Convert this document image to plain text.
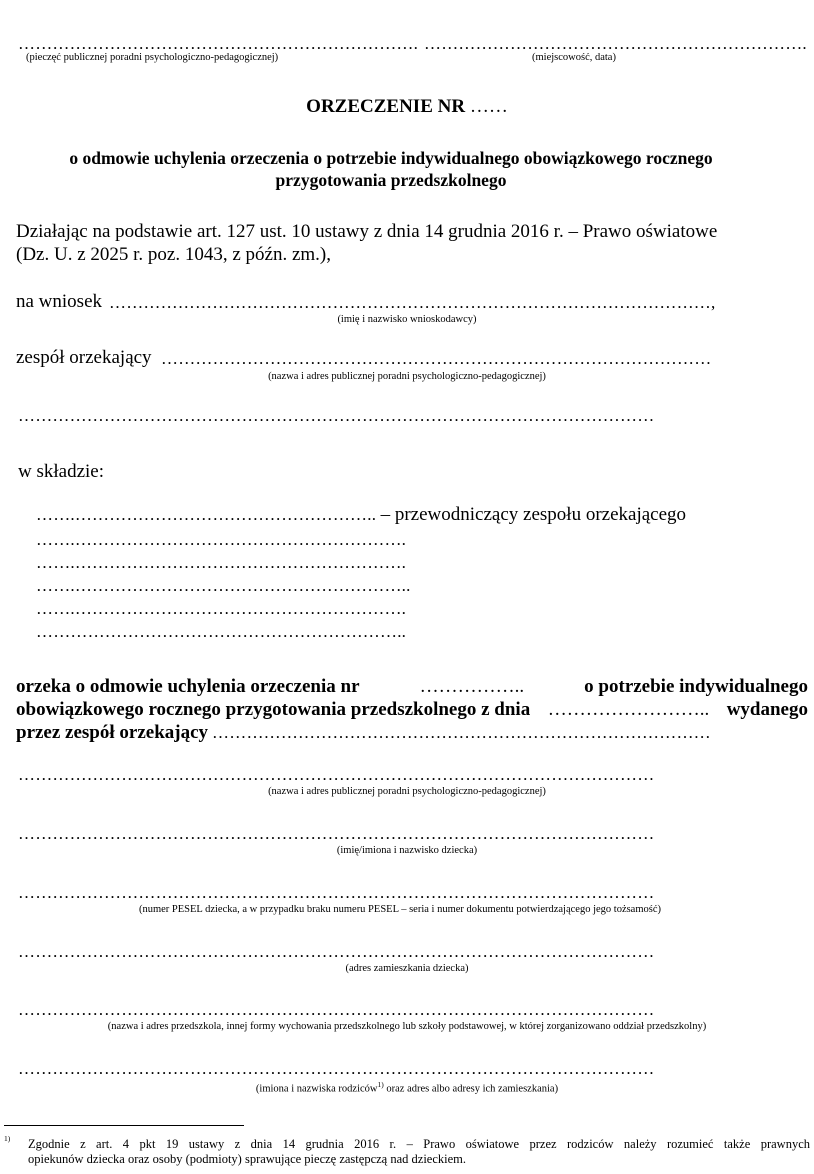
…………………………………………………………….
(pieczęć publicznej poradni psychologiczno-pedagogicznej)
………………………………………………………….
(miejscowość, data)
ORZECZENIE NR ……
o odmowie uchylenia orzeczenia o potrzebie indywidualnego obowiązkowego rocznego
przygotowania przedszkolnego
Działając na podstawie art. 127 ust. 10 ustawy z dnia 14 grudnia 2016 r. – Prawo oświatowe
(Dz. U. z 2025 r. poz. 1043, z późn. zm.),
na wniosek ……………………………………………………………………………………………,
(imię i nazwisko wnioskodawcy)
zespół orzekający ……………………………………………………………………………………
(nazwa i adres publicznej poradni psychologiczno-pedagogicznej)
…………………………………………………………………………………………………
w składzie:
…….…………………………………………….. – przewodniczący zespołu orzekającego
…….………………………………………………….
…….………………………………………………….
…….…………………………………………………..
…….………………………………………………….
………………………………………………………..
orzeka o odmowie uchylenia orzeczenia nr	……………..	o potrzebie indywidualnego
obowiązkowego rocznego przygotowania przedszkolnego z dnia …………………….. wydanego
przez zespół orzekający ……………………………………………………………………………
…………………………………………………………………………………………………
(nazwa i adres publicznej poradni psychologiczno-pedagogicznej)
…………………………………………………………………………………………………
(imię/imiona i nazwisko dziecka)
…………………………………………………………………………………………………
(numer PESEL dziecka, a w przypadku braku numeru PESEL – seria i numer dokumentu potwierdzającego jego tożsamość)
…………………………………………………………………………………………………
(adres zamieszkania dziecka)
…………………………………………………………………………………………………
(nazwa i adres przedszkola, innej formy wychowania przedszkolnego lub szkoły podstawowej, w której zorganizowano oddział przedszkolny)
…………………………………………………………………………………………………
(imiona i nazwiska rodziców$^{1)}$ oraz adres albo adresy ich zamieszkania)
1) Zgodnie z art. 4 pkt 19 ustawy z dnia 14 grudnia 2016 r. – Prawo oświatowe przez rodziców należy rozumieć także prawnych
opiekunów dziecka oraz osoby (podmioty) sprawujące pieczę zastępczą nad dzieckiem.
